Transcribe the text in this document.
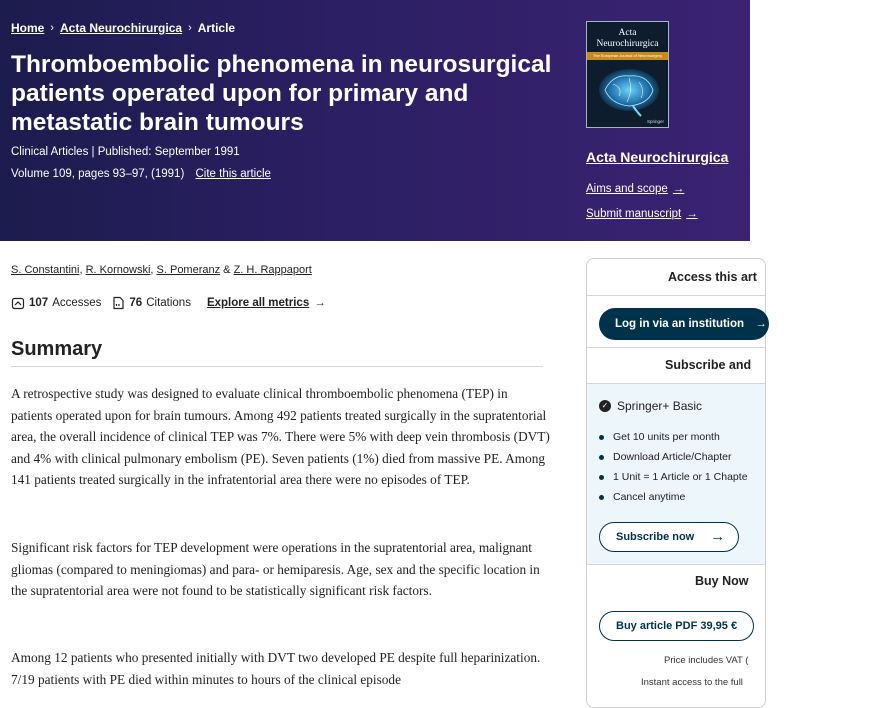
Home › Acta Neurochirurgica › Article
Thromboembolic phenomena in neurosurgical patients operated upon for primary and metastatic brain tumours
Clinical Articles | Published: September 1991
Volume 109, pages 93–97, (1991) Cite this article
Acta
Neurochirurgica
The European Journal of Neurosurgery
Springer
Acta Neurochirurgica
Aims and scope →
Submit manuscript →
S. Constantini, R. Kornowski, S. Pomeranz & Z. H. Rappaport
107 Accesses 76 Citations Explore all metrics →
Summary

A retrospective study was designed to evaluate clinical thromboembolic phenomena (TEP) in patients operated upon for brain tumours. Among 492 patients treated surgically in the supratentorial area, the overall incidence of clinical TEP was 7%. There were 5% with deep vein thrombosis (DVT) and 4% with clinical pulmonary embolism (PE). Seven patients (1%) died from massive PE. Among 141 patients treated surgically in the infratentorial area there were no episodes of TEP.

Significant risk factors for TEP development were operations in the supratentorial area, malignant gliomas (compared to meningiomas) and para- or hemiparesis. Age, sex and the specific location in the supratentorial area were not found to be statistically significant risk factors.

Among 12 patients who presented initially with DVT two developed PE despite full heparinization. 7/19 patients with PE died within minutes to hours of the clinical episode

Access this art
Log in via an institution →
Subscribe and
✓ Springer+ Basic
Get 10 units per month
Download Article/Chapter
1 Unit = 1 Article or 1 Chapte
Cancel anytime
Subscribe now →
Buy Now
Buy article PDF 39,95 €
Price includes VAT (
Instant access to the full
